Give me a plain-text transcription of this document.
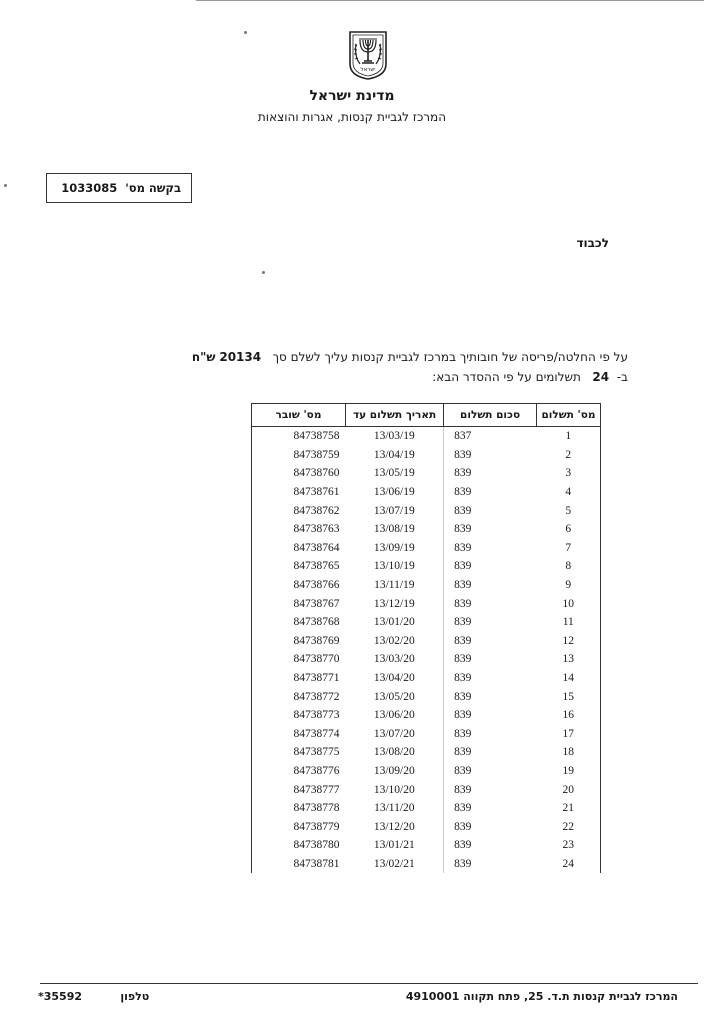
ישראל
מדינת ישראל
המרכז לגביית קנסות, אגרות והוצאות
בקשה מס'
1033085
לכבוד
על פי החלטה/פריסה של חובותיך במרכז לגביית קנסות עליך לשלם סך   20134 ש"ח
ב-  24   תשלומים על פי ההסדר הבא:
מס' תשלום	סכום תשלום	תאריך תשלום עד	מס' שובר
1	837	13/03/19	84738758
2	839	13/04/19	84738759
3	839	13/05/19	84738760
4	839	13/06/19	84738761
5	839	13/07/19	84738762
6	839	13/08/19	84738763
7	839	13/09/19	84738764
8	839	13/10/19	84738765
9	839	13/11/19	84738766
10	839	13/12/19	84738767
11	839	13/01/20	84738768
12	839	13/02/20	84738769
13	839	13/03/20	84738770
14	839	13/04/20	84738771
15	839	13/05/20	84738772
16	839	13/06/20	84738773
17	839	13/07/20	84738774
18	839	13/08/20	84738775
19	839	13/09/20	84738776
20	839	13/10/20	84738777
21	839	13/11/20	84738778
22	839	13/12/20	84738779
23	839	13/01/21	84738780
24	839	13/02/21	84738781
המרכז לגביית קנסות ת.ד. 25, פתח תקווה 4910001
טלפון          *35592
